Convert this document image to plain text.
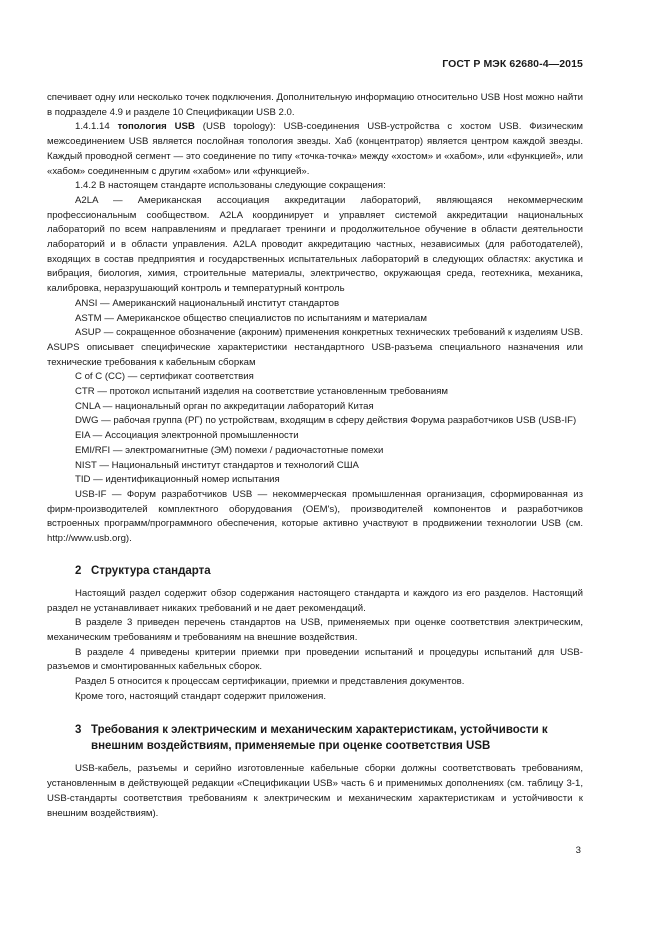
ГОСТ Р МЭК 62680-4—2015

спечивает одну или несколько точек подключения. Дополнительную информацию относительно USB Host можно найти в подразделе 4.9 и разделе 10 Спецификации USB 2.0.

1.4.1.14 топология USB (USB topology): USB-соединения USB-устройства с хостом USB. Физическим межсоединением USB является послойная топология звезды. Хаб (концентратор) является центром каждой звезды. Каждый проводной сегмент — это соединение по типу «точка-точка» между «хостом» и «хабом», или «функцией», или «хабом» соединенным с другим «хабом» или «функцией».

1.4.2 В настоящем стандарте использованы следующие сокращения:

A2LA — Американская ассоциация аккредитации лабораторий, являющаяся некоммерческим профессиональным сообществом. A2LA координирует и управляет системой аккредитации национальных лабораторий по всем направлениям и предлагает тренинги и продолжительное обучение в области деятельности лабораторий и в области управления. A2LA проводит аккредитацию частных, независимых (для работодателей), входящих в состав предприятия и государственных испытательных лабораторий в следующих областях: акустика и вибрация, биология, химия, строительные материалы, электричество, окружающая среда, геотехника, механика, калибровка, неразрушающий контроль и температурный контроль

ANSI — Американский национальный институт стандартов

ASTM — Американское общество специалистов по испытаниям и материалам

ASUP — сокращенное обозначение (акроним) применения конкретных технических требований к изделиям USB. ASUPS описывает специфические характеристики нестандартного USB-разъема специального назначения или технические требования к кабельным сборкам

C of C (CC) — сертификат соответствия

CTR — протокол испытаний изделия на соответствие установленным требованиям

CNLA — национальный орган по аккредитации лабораторий Китая

DWG — рабочая группа (РГ) по устройствам, входящим в сферу действия Форума разработчиков USB (USB-IF)

EIA — Ассоциация электронной промышленности

EMI/RFI — электромагнитные (ЭМ) помехи / радиочастотные помехи

NIST — Национальный институт стандартов и технологий США

TID — идентификационный номер испытания

USB-IF — Форум разработчиков USB — некоммерческая промышленная организация, сформированная из фирм-производителей комплектного оборудования (OEM's), производителей компонентов и разработчиков встроенных программ/программного обеспечения, которые активно участвуют в продвижении технологии USB (см. http://www.usb.org).

2 Структура стандарта

Настоящий раздел содержит обзор содержания настоящего стандарта и каждого из его разделов. Настоящий раздел не устанавливает никаких требований и не дает рекомендаций.

В разделе 3 приведен перечень стандартов на USB, применяемых при оценке соответствия электрическим, механическим требованиям и требованиям на внешние воздействия.

В разделе 4 приведены критерии приемки при проведении испытаний и процедуры испытаний для USB-разъемов и смонтированных кабельных сборок.

Раздел 5 относится к процессам сертификации, приемки и представления документов.

Кроме того, настоящий стандарт содержит приложения.

3 Требования к электрическим и механическим характеристикам, устойчивости к внешним воздействиям, применяемые при оценке соответствия USB

USB-кабель, разъемы и серийно изготовленные кабельные сборки должны соответствовать требованиям, установленным в действующей редакции «Спецификации USB» часть 6 и применимых дополнениях (см. таблицу 3-1, USB-стандарты соответствия требованиям к электрическим и механическим характеристикам и устойчивости к внешним воздействиям).

3
